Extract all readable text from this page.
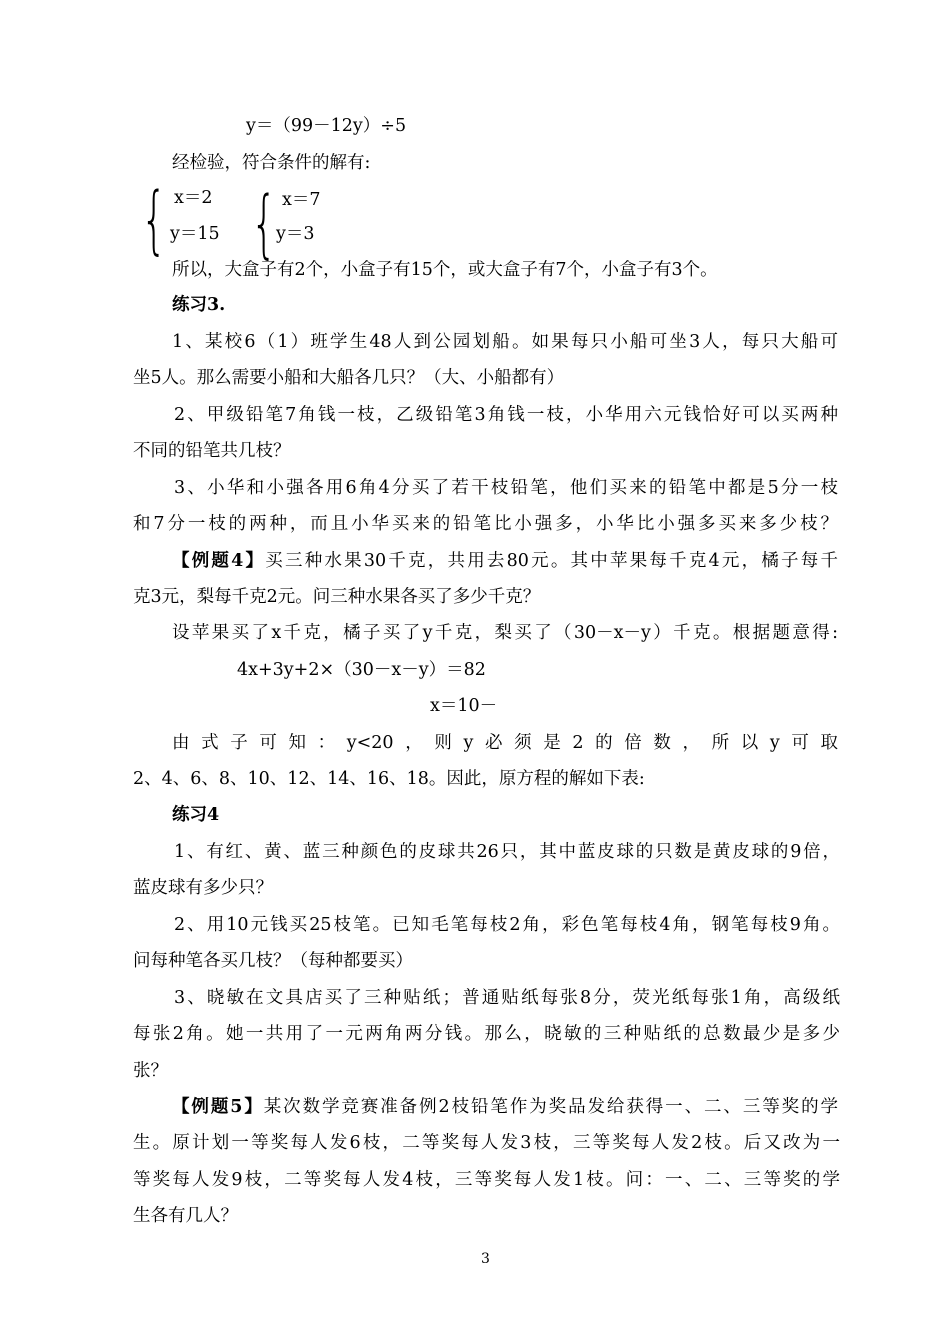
y＝（99－12y）÷5
经检验，符合条件的解有:
{ x＝2
y＝15 { x＝7
y＝3
所以，大盒子有2个，小盒子有15个，或大盒子有7个，小盒子有3个。
练习3.
1、某校6（1）班学生48人到公园划船。如果每只小船可坐3人，每只大船可
坐5人。那么需要小船和大船各几只？（大、小船都有）
2、甲级铅笔7角钱一枝，乙级铅笔3角钱一枝，小华用六元钱恰好可以买两种
不同的铅笔共几枝？
3、小华和小强各用6角4分买了若干枝铅笔，他们买来的铅笔中都是5分一枝
和7分一枝的两种，而且小华买来的铅笔比小强多，小华比小强多买来多少枝？
【例题4】买三种水果30千克，共用去80元。其中苹果每千克4元，橘子每千
克3元，梨每千克2元。问三种水果各买了多少千克？
设苹果买了x千克，橘子买了y千克，梨买了（30－x－y）千克。根据题意得:
4x+3y+2×（30－x－y）＝82
x＝10－
由式子可知：y<20，则y必须是2的倍数，所以y可取
2、4、6、8、10、12、14、16、18。因此，原方程的解如下表:
练习4
1、有红、黄、蓝三种颜色的皮球共26只，其中蓝皮球的只数是黄皮球的9倍，
蓝皮球有多少只？
2、用10元钱买25枝笔。已知毛笔每枝2角，彩色笔每枝4角，钢笔每枝9角。
问每种笔各买几枝？（每种都要买）
3、晓敏在文具店买了三种贴纸；普通贴纸每张8分，荧光纸每张1角，高级纸
每张2角。她一共用了一元两角两分钱。那么，晓敏的三种贴纸的总数最少是多少
张？
【例题5】某次数学竞赛准备例2枝铅笔作为奖品发给获得一、二、三等奖的学
生。原计划一等奖每人发6枝，二等奖每人发3枝，三等奖每人发2枝。后又改为一
等奖每人发9枝，二等奖每人发4枝，三等奖每人发1枝。问：一、二、三等奖的学
生各有几人？
3
